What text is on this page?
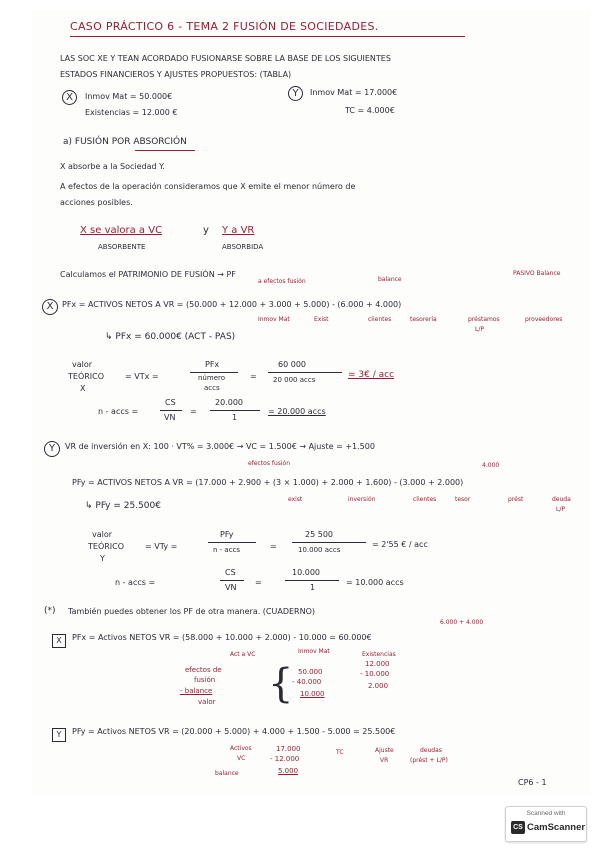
CASO PRÁCTICO 6 - TEMA 2 FUSIÓN DE SOCIEDADES.
LAS SOC XE Y TEAN ACORDADO FUSIONARSE SOBRE LA BASE DE LOS SIGUIENTES
ESTADOS FINANCIEROS Y AJUSTES PROPUESTOS: (TABLA)
X	Inmov Mat = 50.000€
Existencias = 12.000 €
Y	Inmov Mat = 17.000€
TC = 4.000€
a) FUSIÓN POR ABSORCIÓN
X absorbe a la Sociedad Y.
A efectos de la operación consideramos que X emite el menor número de
acciones posibles.
X se valora a VC	y Y a VR
ABSORBENTE	ABSORBIDA
Calculamos el PATRIMONIO DE FUSIÓN → PF
a efectos fusión	balance
PASIVO Balance
X	PFx = ACTIVOS NETOS A VR = (50.000 + 12.000 + 3.000 + 5.000) - (6.000 + 4.000)
Inmov Mat	Exist	clientes	tesorería	préstamos
L/P
proveedores
↳ PFx = 60.000€ (ACT - PAS)
valor
TEÓRICO
X
= VTx =
PFx
número
accs
=
60 000
20 000 accs	= 3€ / acc
n - accs =
CS
VN
=
20.000
1
= 20.000 accs
Y	VR de inversión en X: 100 · VT% = 3.000€ → VC = 1.500€ → Ajuste = +1.500
efectos fusión	4.000
PFy = ACTIVOS NETOS A VR = (17.000 + 2.900 + (3 × 1.000) + 2.000 + 1.600) - (3.000 + 2.000)
exist	inversión	clientes	tesor	prést	deuda
L/P
↳ PFy = 25.500€
valor
TEÓRICO
Y
= VTy =
PFy
n - accs	=
25 500
10.000 accs
= 2'55 € / acc
n - accs =
CS
VN
=
10.000
1
= 10.000 accs
(*) También puedes obtener los PF de otra manera. (CUADERNO)
6.000 + 4.000
X	PFx = Activos NETOS VR = (58.000 + 10.000 + 2.000) - 10.000 = 60.000€
Act a VC	Inmov Mat	Existencias
efectos de
fusión
- balance
valor { 50.000
- 40.000
10.000
12.000
- 10.000
2.000
Y	PFy = Activos NETOS VR = (20.000 + 5.000) + 4.000 + 1.500 - 5.000 = 25.500€
Activos
VC
TC	Ajuste
VR
deudas
(prést + L/P)
17.000
- 12.000
5.000
balance
CP6 - 1
Scanned with
CS CamScanner
